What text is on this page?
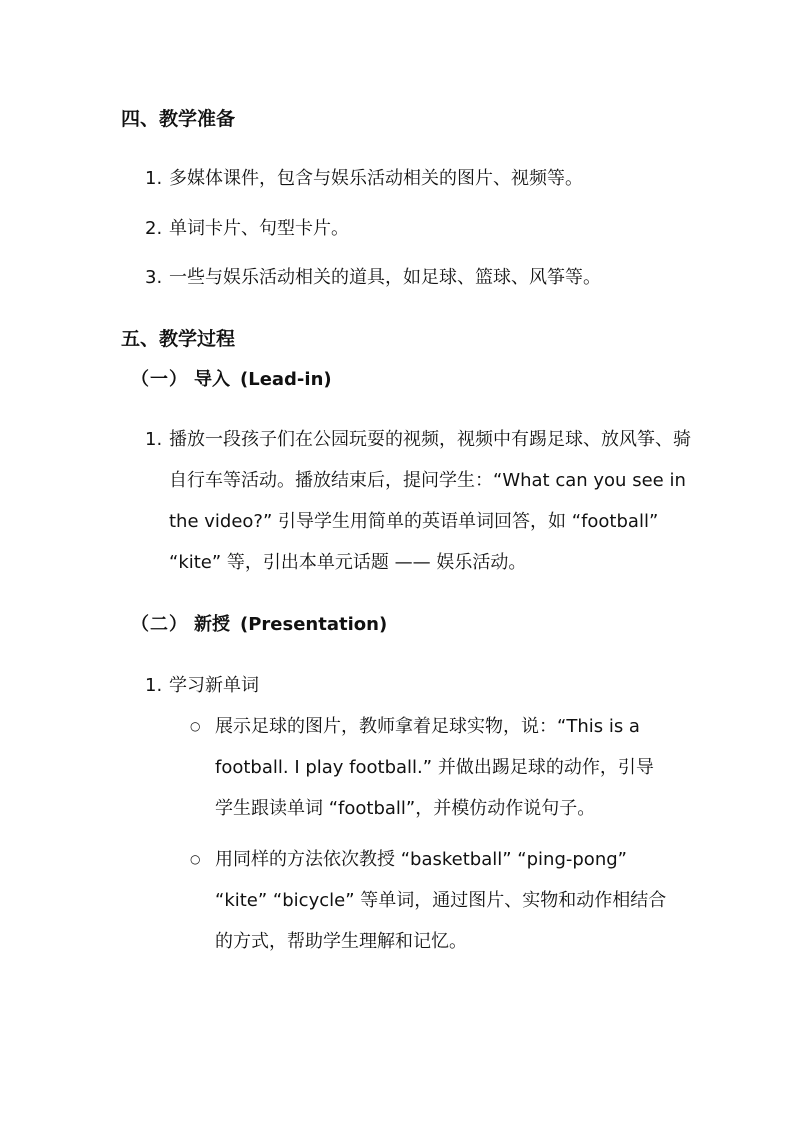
四、教学准备
1. 多媒体课件，包含与娱乐活动相关的图片、视频等。
2. 单词卡片、句型卡片。
3. 一些与娱乐活动相关的道具，如足球、篮球、风筝等。
五、教学过程
（一） 导入 (Lead-in)
1. 播放一段孩子们在公园玩耍的视频，视频中有踢足球、放风筝、骑自行车等活动。播放结束后，提问学生：“What can you see in the video?” 引导学生用简单的英语单词回答，如 “football” “kite” 等，引出本单元话题 —— 娱乐活动。
（二） 新授 (Presentation)
1. 学习新单词
○ 展示足球的图片，教师拿着足球实物，说：“This is a football. I play football.” 并做出踢足球的动作，引导学生跟读单词 “football”，并模仿动作说句子。
○ 用同样的方法依次教授 “basketball” “ping-pong” “kite” “bicycle” 等单词，通过图片、实物和动作相结合的方式，帮助学生理解和记忆。
